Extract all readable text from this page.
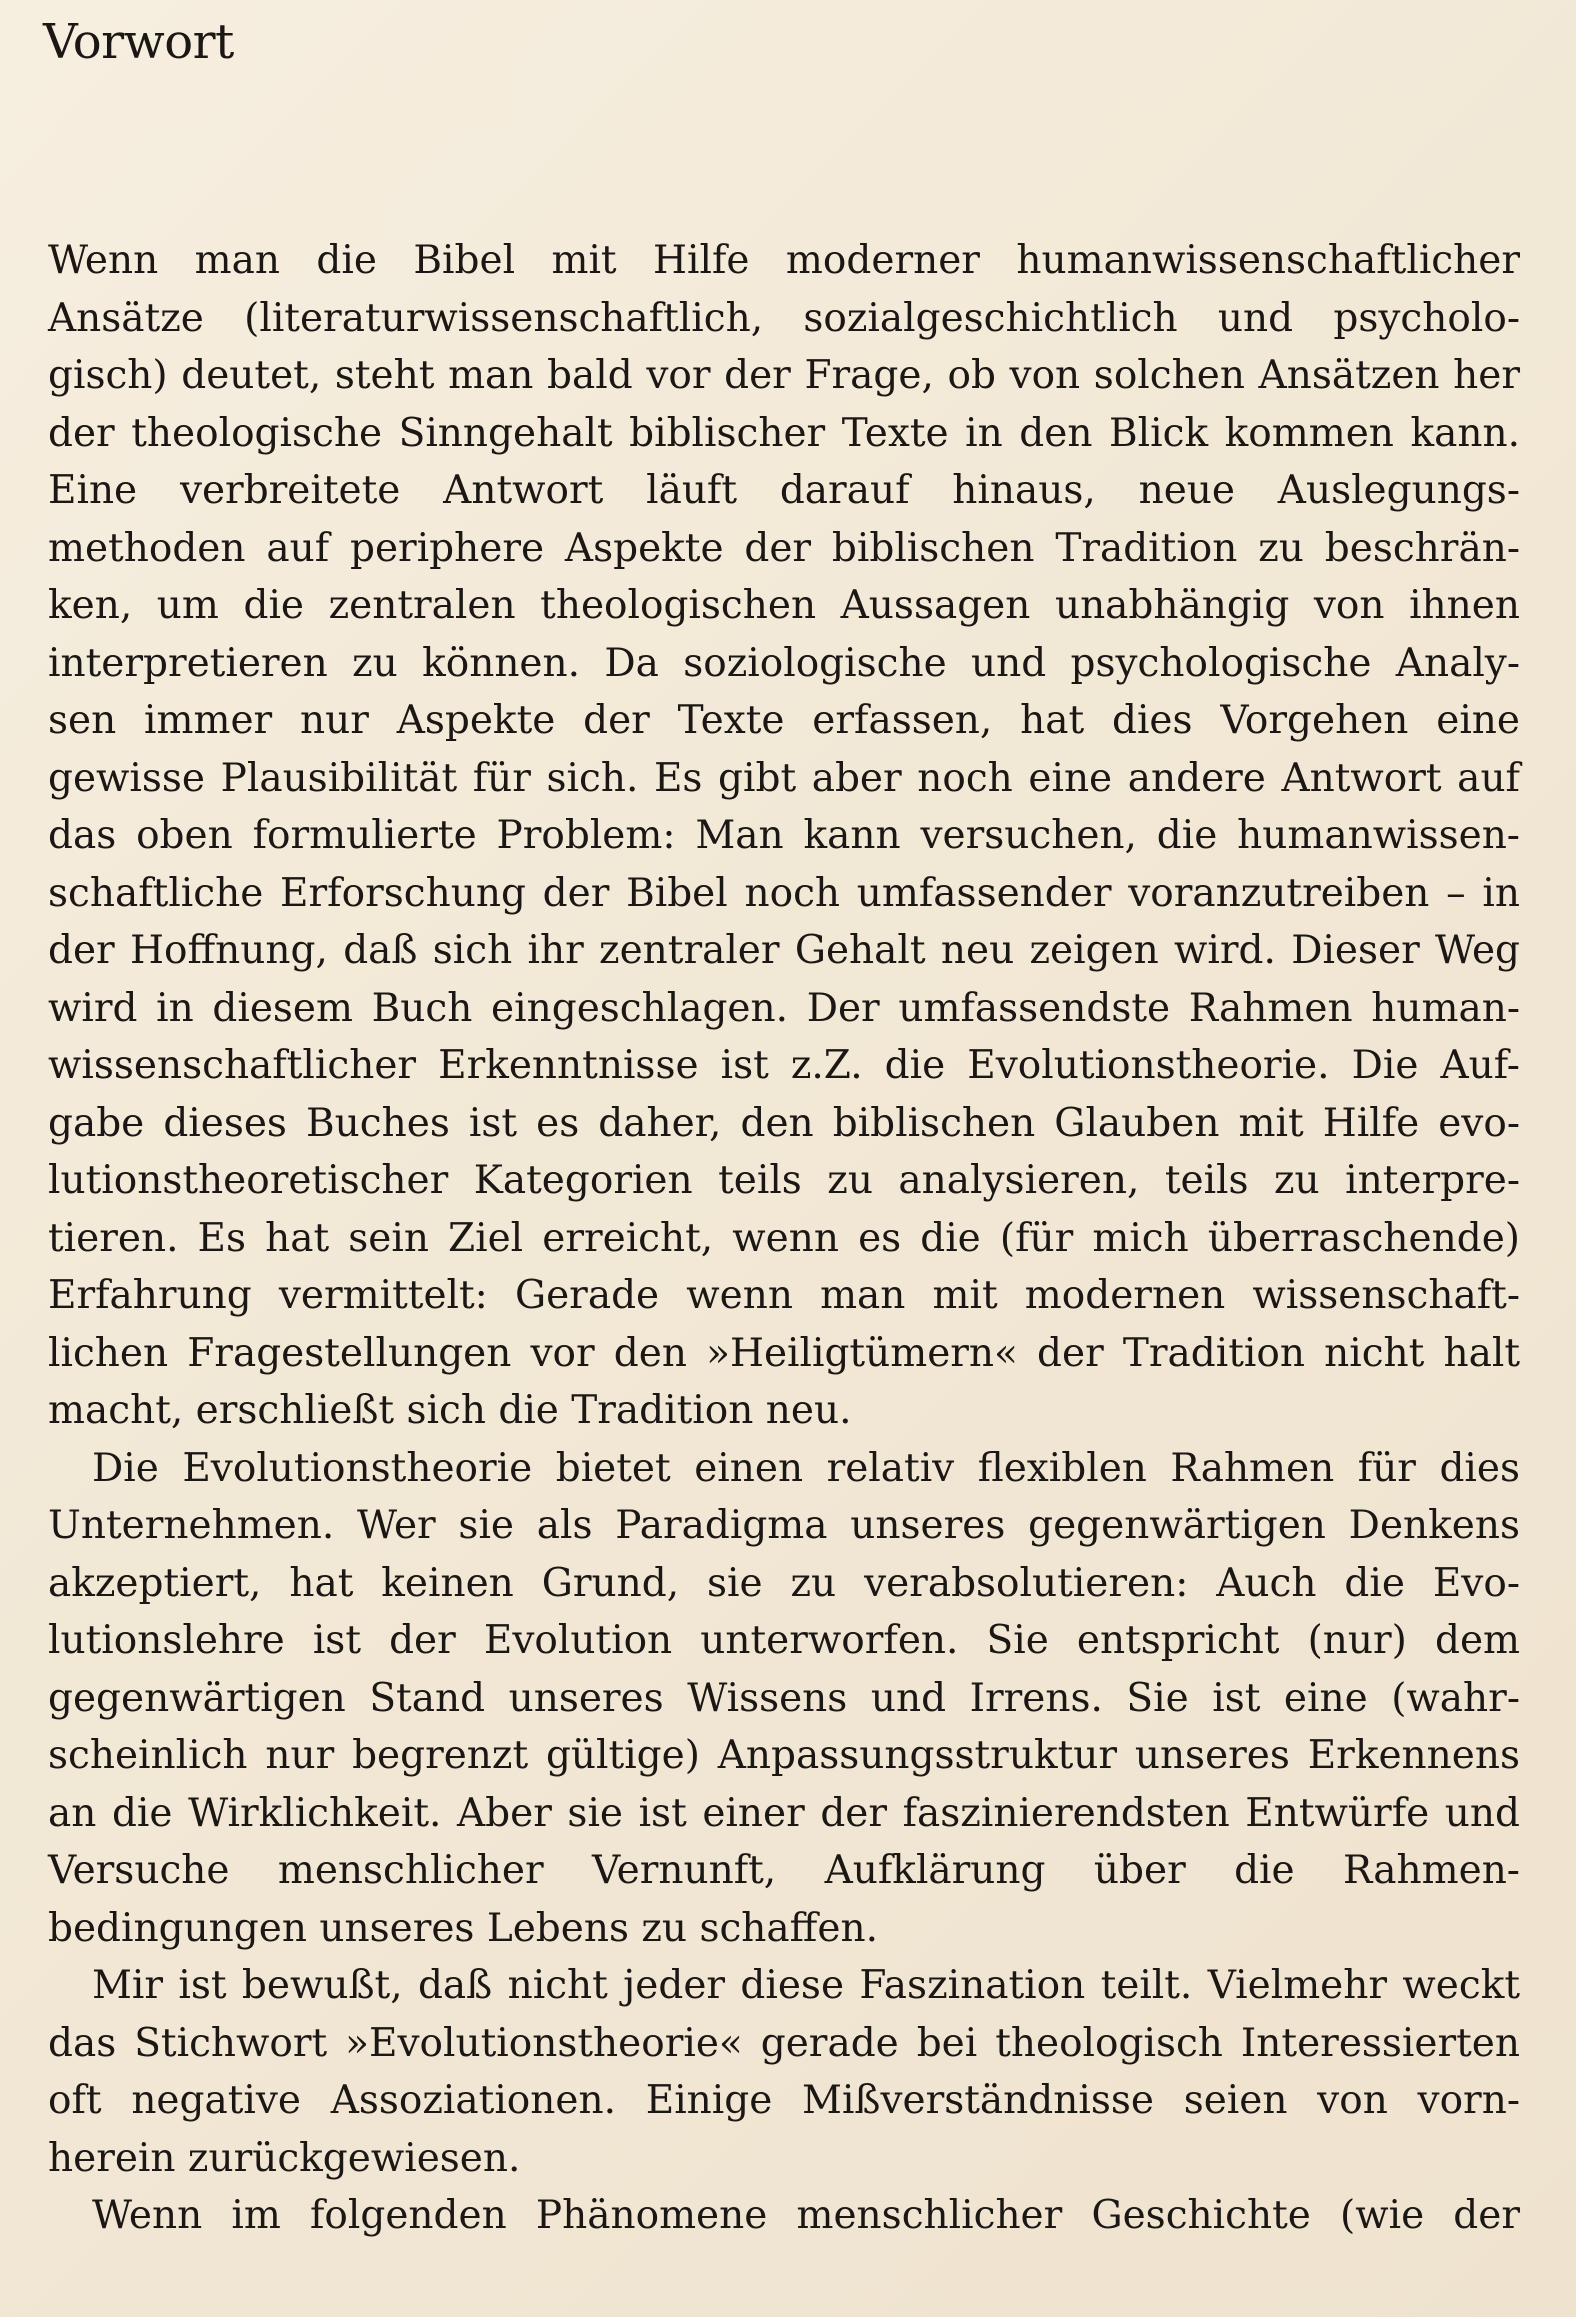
Vorwort

Wenn man die Bibel mit Hilfe moderner humanwissenschaftlicher
Ansätze (literaturwissenschaftlich, sozialgeschichtlich und psycholo-
gisch) deutet, steht man bald vor der Frage, ob von solchen Ansätzen her
der theologische Sinngehalt biblischer Texte in den Blick kommen kann.
Eine verbreitete Antwort läuft darauf hinaus, neue Auslegungs-
methoden auf periphere Aspekte der biblischen Tradition zu beschrän-
ken, um die zentralen theologischen Aussagen unabhängig von ihnen
interpretieren zu können. Da soziologische und psychologische Analy-
sen immer nur Aspekte der Texte erfassen, hat dies Vorgehen eine
gewisse Plausibilität für sich. Es gibt aber noch eine andere Antwort auf
das oben formulierte Problem: Man kann versuchen, die humanwissen-
schaftliche Erforschung der Bibel noch umfassender voranzutreiben – in
der Hoffnung, daß sich ihr zentraler Gehalt neu zeigen wird. Dieser Weg
wird in diesem Buch eingeschlagen. Der umfassendste Rahmen human-
wissenschaftlicher Erkenntnisse ist z.Z. die Evolutionstheorie. Die Auf-
gabe dieses Buches ist es daher, den biblischen Glauben mit Hilfe evo-
lutionstheoretischer Kategorien teils zu analysieren, teils zu interpre-
tieren. Es hat sein Ziel erreicht, wenn es die (für mich überraschende)
Erfahrung vermittelt: Gerade wenn man mit modernen wissenschaft-
lichen Fragestellungen vor den »Heiligtümern« der Tradition nicht halt
macht, erschließt sich die Tradition neu.

Die Evolutionstheorie bietet einen relativ flexiblen Rahmen für dies
Unternehmen. Wer sie als Paradigma unseres gegenwärtigen Denkens
akzeptiert, hat keinen Grund, sie zu verabsolutieren: Auch die Evo-
lutionslehre ist der Evolution unterworfen. Sie entspricht (nur) dem
gegenwärtigen Stand unseres Wissens und Irrens. Sie ist eine (wahr-
scheinlich nur begrenzt gültige) Anpassungsstruktur unseres Erkennens
an die Wirklichkeit. Aber sie ist einer der faszinierendsten Entwürfe und
Versuche menschlicher Vernunft, Aufklärung über die Rahmen-
bedingungen unseres Lebens zu schaffen.

Mir ist bewußt, daß nicht jeder diese Faszination teilt. Vielmehr weckt
das Stichwort »Evolutionstheorie« gerade bei theologisch Interessierten
oft negative Assoziationen. Einige Mißverständnisse seien von vorn-
herein zurückgewiesen.

Wenn im folgenden Phänomene menschlicher Geschichte (wie der
